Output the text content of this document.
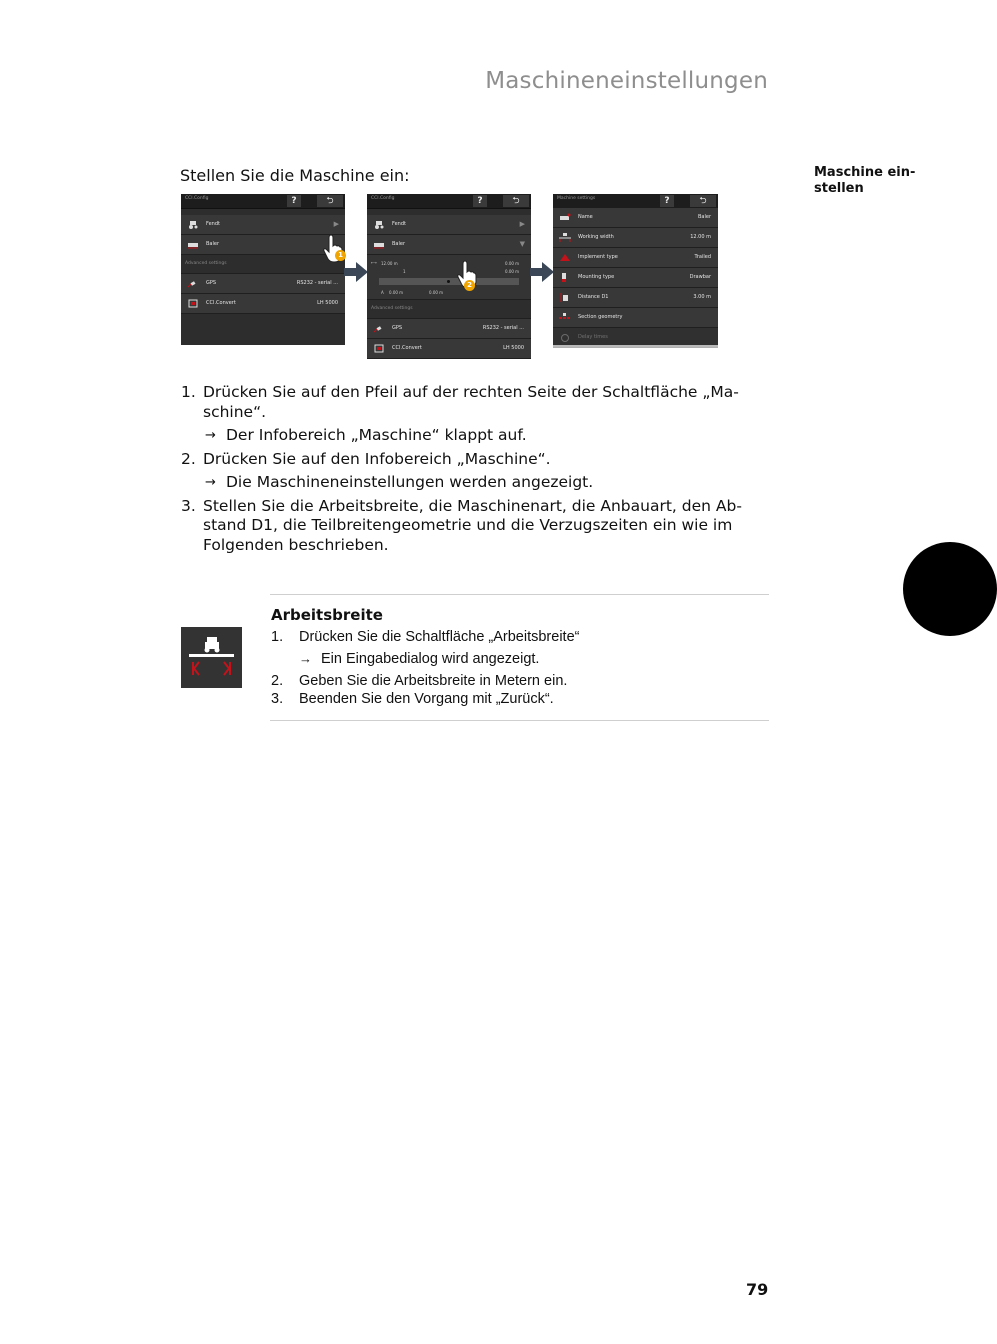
Maschineneinstellungen
Maschine ein-
stellen
Stellen Sie die Maschine ein:
CCI.Config	?	⮌
Fendt	▶
Baler
Advanced settings
GPS	RS232 - serial ...
CCI.Convert	LH 5000
1
CCI.Config	?	⮌
Fendt	▶
Baler	▼
⟷ 12.00 m
1
0.00 m
0.00 m
A 0.00 m	0.00 m
Advanced settings
GPS	RS232 - serial ...
CCI.Convert	LH 5000
2
Machine settings	?	⮌
Name	Baler
Working width	12.00 m
Implement type	Trailed
Mounting type	Drawbar
Distance D1	3.00 m
Section geometry
Delay times
1. Drücken Sie auf den Pfeil auf der rechten Seite der Schaltfläche „Ma-
schine“.
→ Der Infobereich „Maschine“ klappt auf.
2. Drücken Sie auf den Infobereich „Maschine“.
→ Die Maschineneinstellungen werden angezeigt.
3. Stellen Sie die Arbeitsbreite, die Maschinenart, die Anbauart, den Ab-
stand D1, die Teilbreitengeometrie und die Verzugszeiten ein wie im
Folgenden beschrieben.
Arbeitsbreite
1. Drücken Sie die Schaltfläche „Arbeitsbreite“
→ Ein Eingabedialog wird angezeigt.
2. Geben Sie die Arbeitsbreite in Metern ein.
3. Beenden Sie den Vorgang mit „Zurück“.
79
